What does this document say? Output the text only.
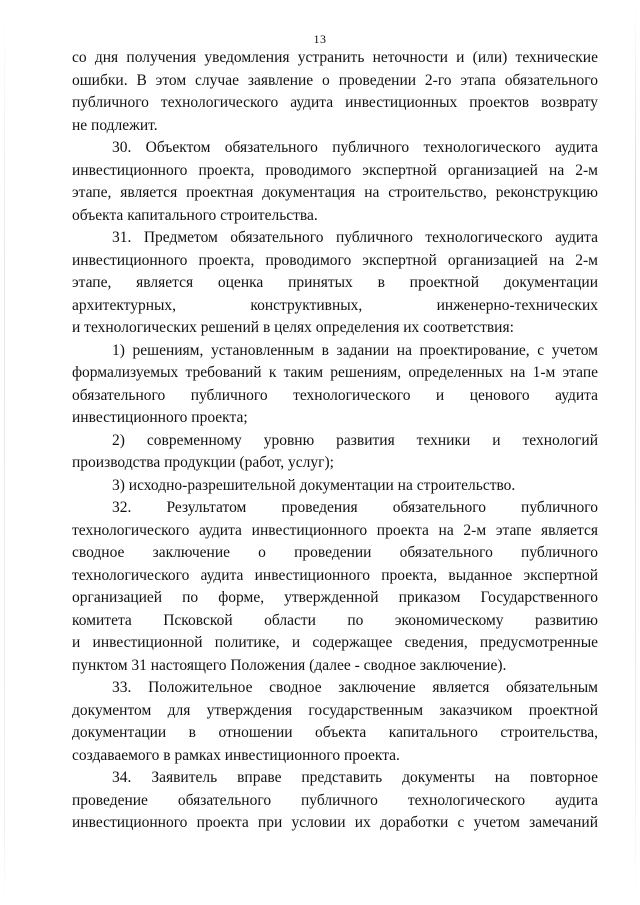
13
со дня получения уведомления устранить неточности и (или) технические
ошибки. В этом случае заявление о проведении 2-го этапа обязательного
публичного технологического аудита инвестиционных проектов возврату
не подлежит.
30. Объектом обязательного публичного технологического аудита
инвестиционного проекта, проводимого экспертной организацией на 2-м
этапе, является проектная документация на строительство, реконструкцию
объекта капитального строительства.
31. Предметом обязательного публичного технологического аудита
инвестиционного проекта, проводимого экспертной организацией на 2-м
этапе, является оценка принятых в проектной документации
архитектурных, конструктивных, инженерно-технических
и технологических решений в целях определения их соответствия:
1) решениям, установленным в задании на проектирование, с учетом
формализуемых требований к таким решениям, определенных на 1-м этапе
обязательного публичного технологического и ценового аудита
инвестиционного проекта;
2) современному уровню развития техники и технологий
производства продукции (работ, услуг);
3) исходно-разрешительной документации на строительство.
32. Результатом проведения обязательного публичного
технологического аудита инвестиционного проекта на 2-м этапе является
сводное заключение о проведении обязательного публичного
технологического аудита инвестиционного проекта, выданное экспертной
организацией по форме, утвержденной приказом Государственного
комитета Псковской области по экономическому развитию
и инвестиционной политике, и содержащее сведения, предусмотренные
пунктом 31 настоящего Положения (далее - сводное заключение).
33. Положительное сводное заключение является обязательным
документом для утверждения государственным заказчиком проектной
документации в отношении объекта капитального строительства,
создаваемого в рамках инвестиционного проекта.
34. Заявитель вправе представить документы на повторное
проведение обязательного публичного технологического аудита
инвестиционного проекта при условии их доработки с учетом замечаний
